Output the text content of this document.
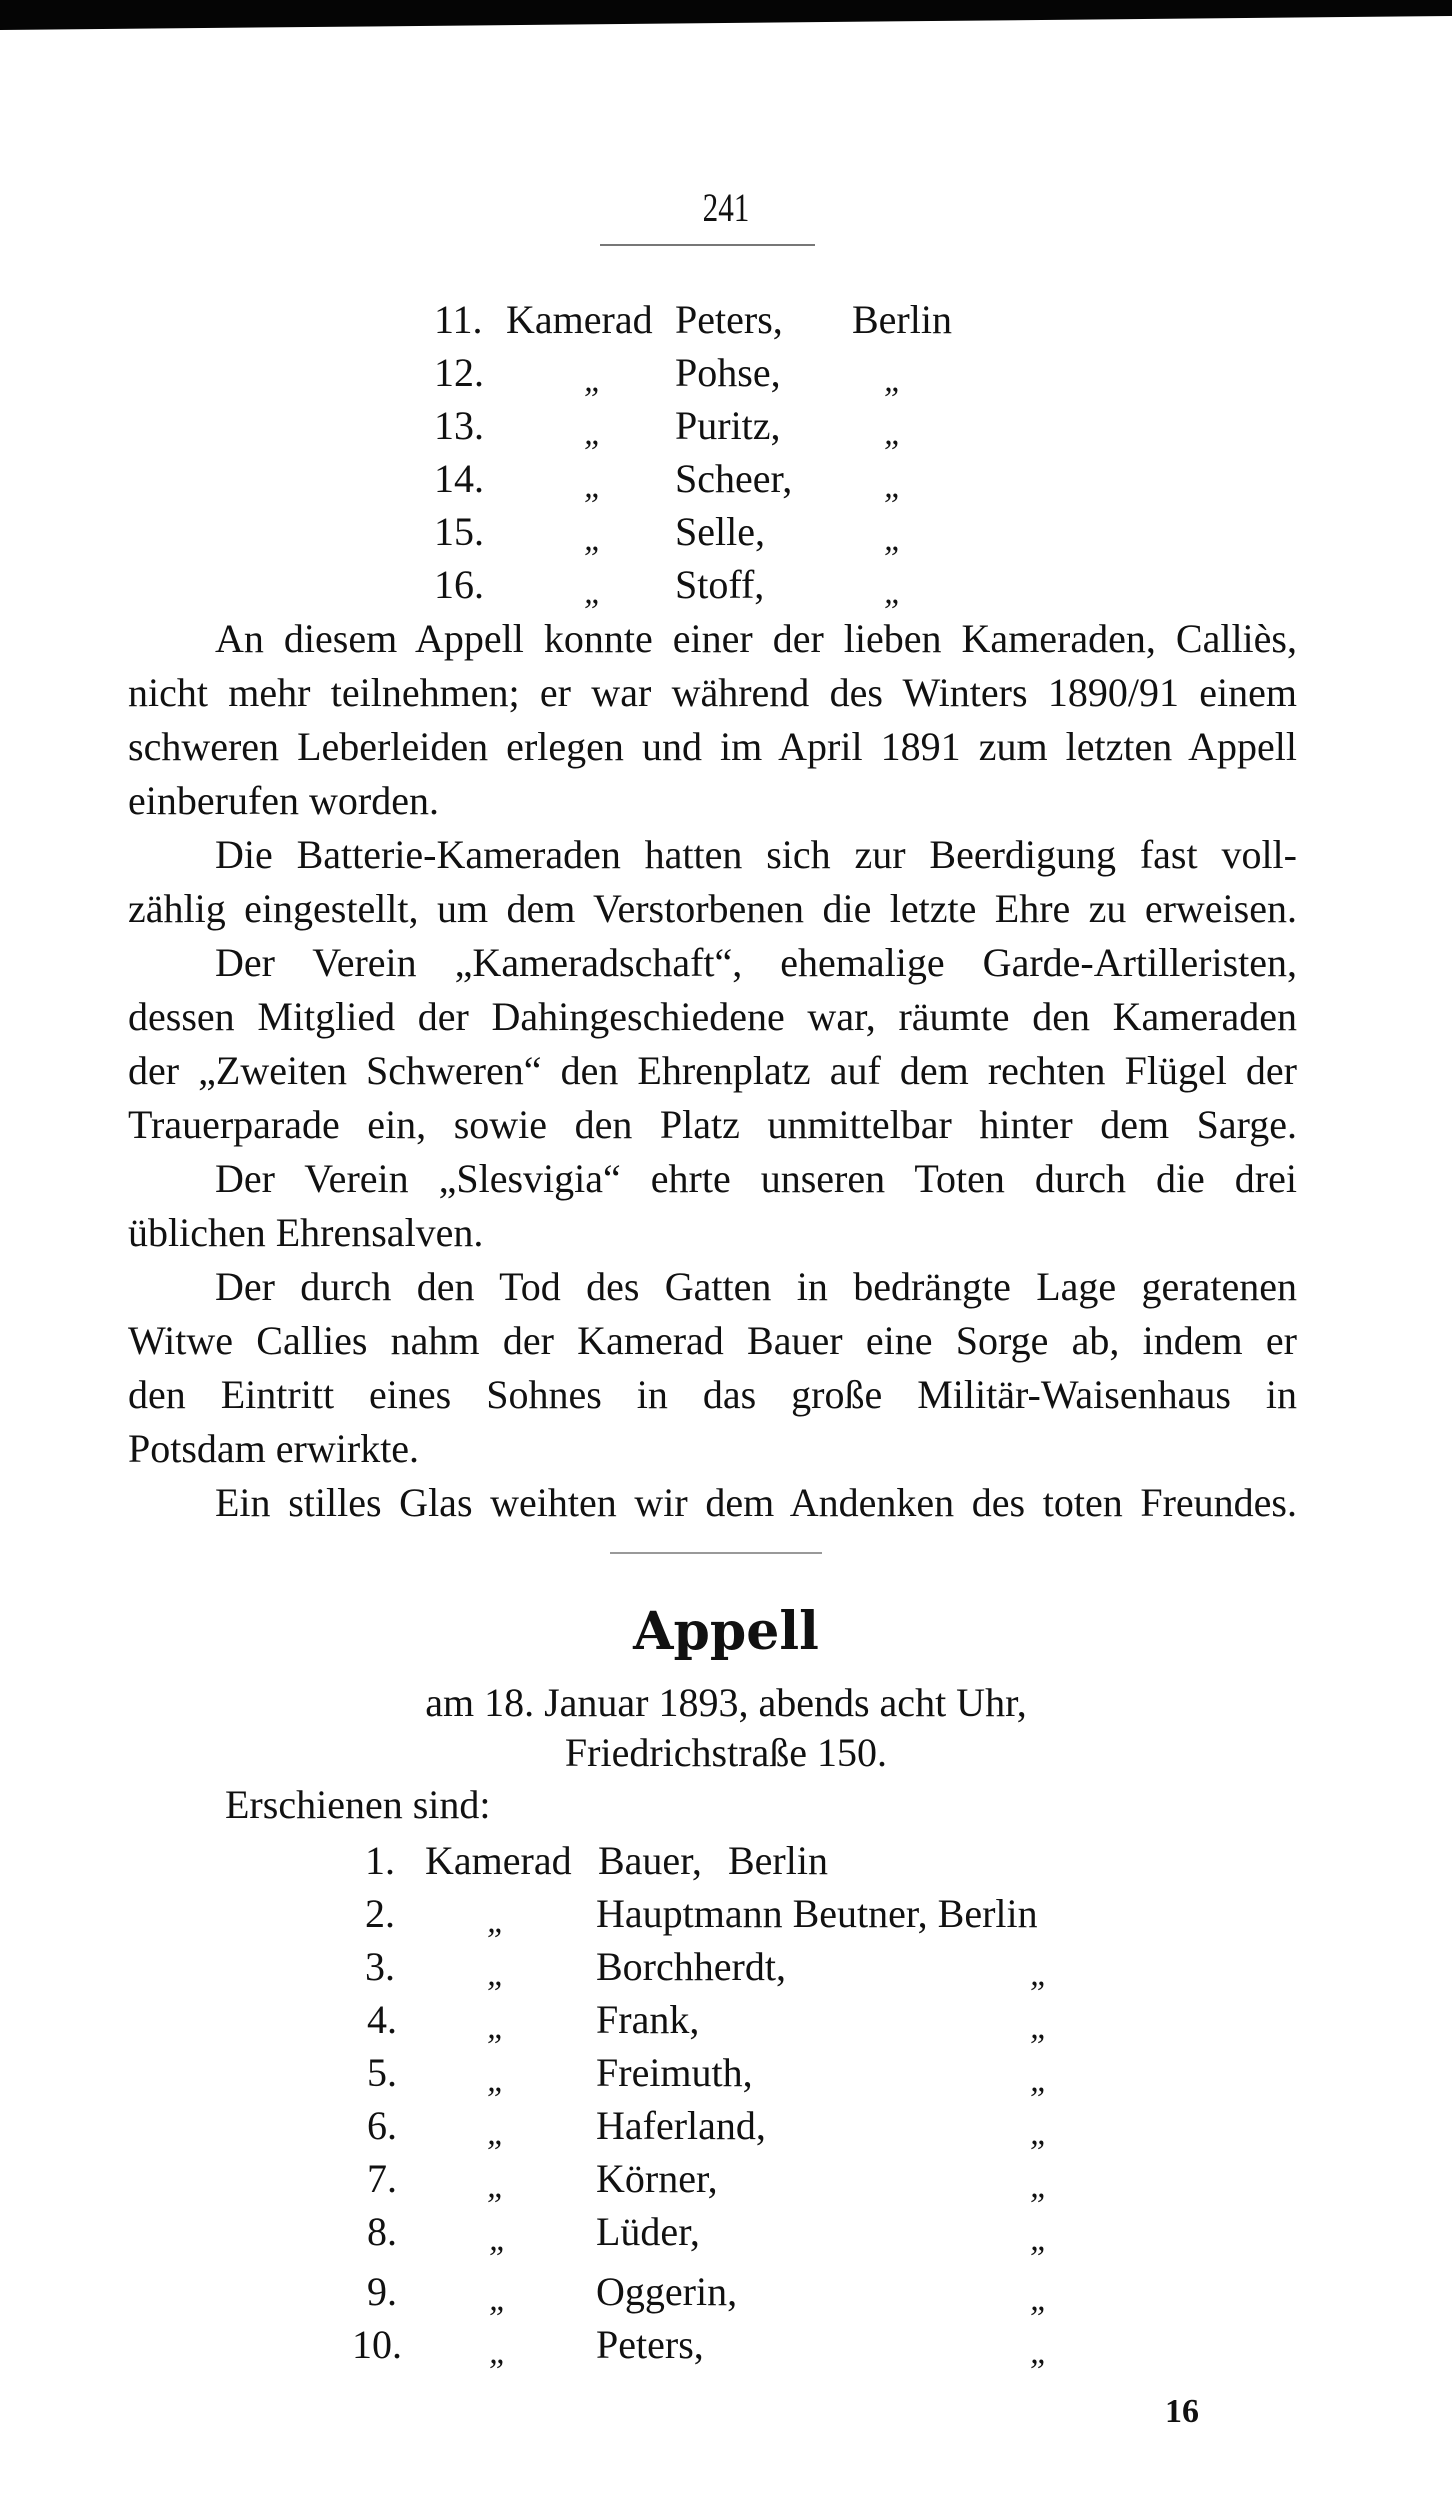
241
11. Kamerad Peters, Berlin
12.	„ Pohse,	„
13.	„ Puritz,	„
14.	„ Scheer,	„
15.	„ Selle,	„
16.	„ Stoff,	„
An diesem Appell konnte einer der lieben Kameraden, Calliès,
nicht mehr teilnehmen; er war während des Winters 1890/91 einem
schweren Leberleiden erlegen und im April 1891 zum letzten Appell
einberufen worden.
Die Batterie-Kameraden hatten sich zur Beerdigung fast voll-
zählig eingestellt, um dem Verstorbenen die letzte Ehre zu erweisen.
Der Verein „Kameradschaft“, ehemalige Garde-Artilleristen,
dessen Mitglied der Dahingeschiedene war, räumte den Kameraden
der „Zweiten Schweren“ den Ehrenplatz auf dem rechten Flügel der
Trauerparade ein, sowie den Platz unmittelbar hinter dem Sarge.
Der Verein „Slesvigia“ ehrte unseren Toten durch die drei
üblichen Ehrensalven.
Der durch den Tod des Gatten in bedrängte Lage geratenen
Witwe Callies nahm der Kamerad Bauer eine Sorge ab, indem er
den Eintritt eines Sohnes in das große Militär-Waisenhaus in
Potsdam erwirkte.
Ein stilles Glas weihten wir dem Andenken des toten Freundes.
Appell
am 18. Januar 1893, abends acht Uhr,
Friedrichstraße 150.
Erschienen sind:
1. Kamerad Bauer, Berlin
2.	„ Hauptmann Beutner, Berlin
3.	„ Borchherdt,	„
4.	„ Frank,	„
5.	„ Freimuth,	„
6.	„ Haferland,	„
7.	„ Körner,	„
8.	„ Lüder,	„
9.	„ Oggerin,	„
10.	„ Peters,	„
16
